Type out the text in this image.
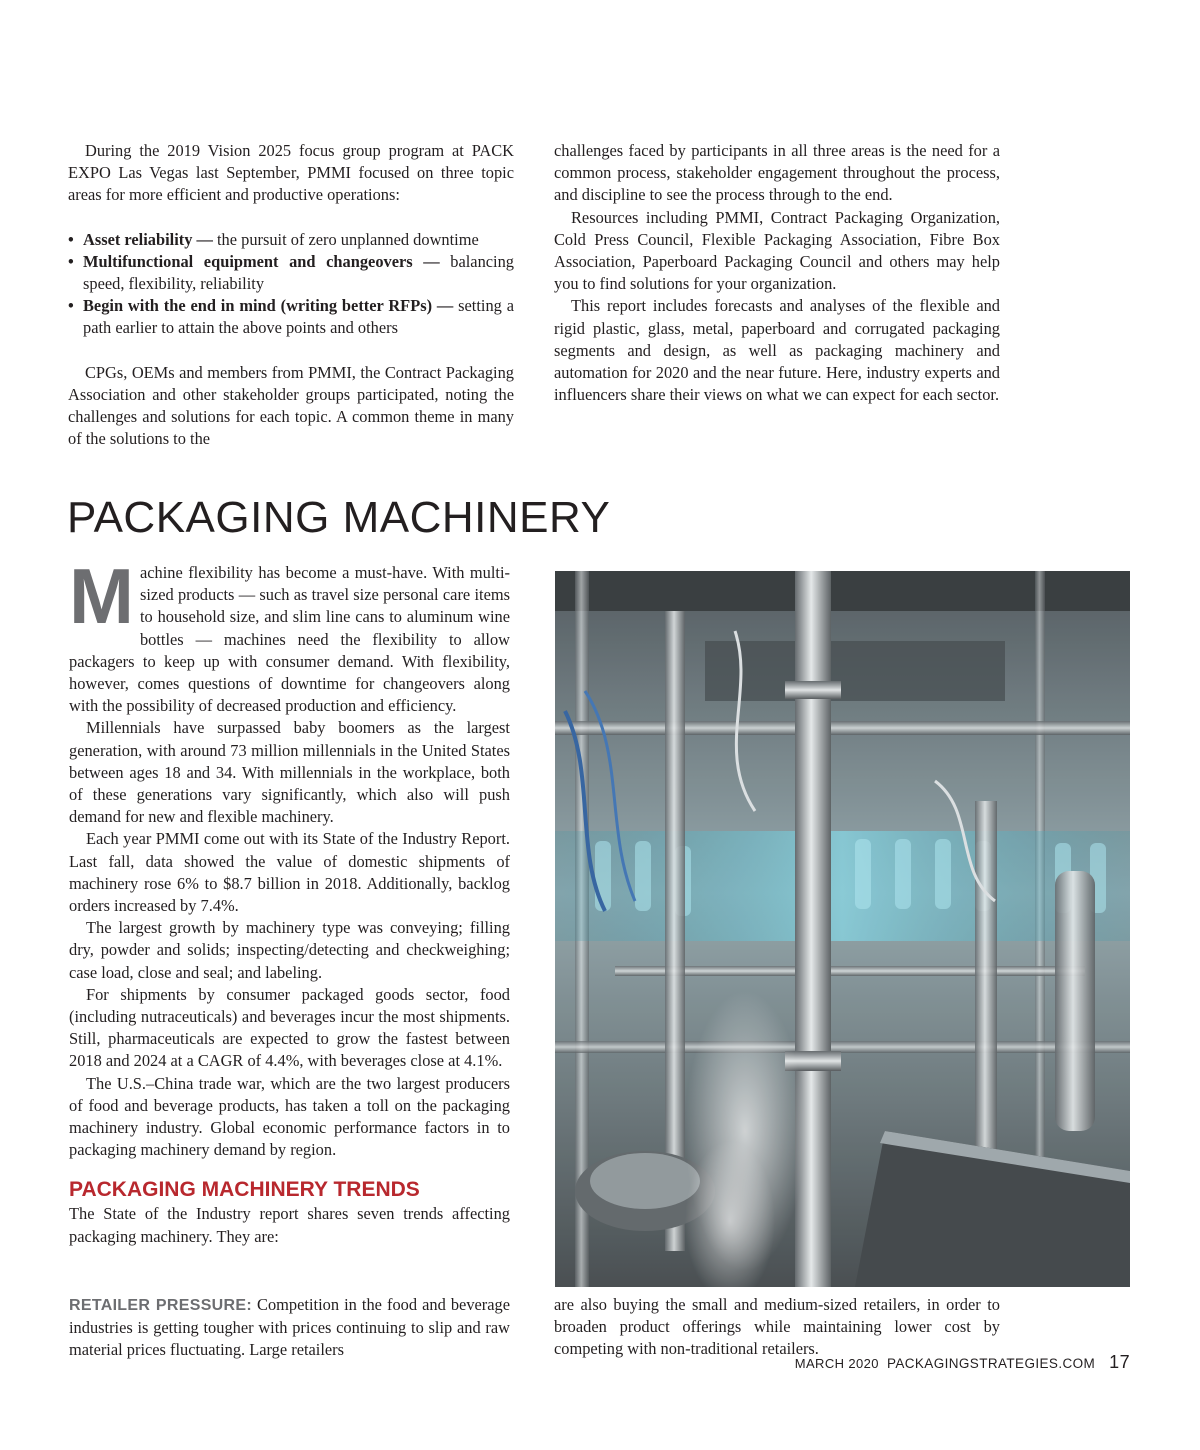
During the 2019 Vision 2025 focus group program at PACK EXPO Las Vegas last September, PMMI focused on three topic areas for more efficient and productive operations:

• Asset reliability — the pursuit of zero unplanned downtime
• Multifunctional equipment and changeovers — balancing speed, flexibility, reliability
• Begin with the end in mind (writing better RFPs) — setting a path earlier to attain the above points and others

CPGs, OEMs and members from PMMI, the Contract Packaging Association and other stakeholder groups participated, noting the challenges and solutions for each topic. A common theme in many of the solutions to the

challenges faced by participants in all three areas is the need for a common process, stakeholder engagement throughout the process, and discipline to see the process through to the end.

Resources including PMMI, Contract Packaging Organization, Cold Press Council, Flexible Packaging Association, Fibre Box Association, Paperboard Packaging Council and others may help you to find solutions for your organization.

This report includes forecasts and analyses of the flexible and rigid plastic, glass, metal, paperboard and corrugated packaging segments and design, as well as packaging machinery and automation for 2020 and the near future. Here, industry experts and influencers share their views on what we can expect for each sector.

PACKAGING MACHINERY

Machine flexibility has become a must-have. With multi-sized products — such as travel size personal care items to household size, and slim line cans to aluminum wine bottles — machines need the flexibility to allow packagers to keep up with consumer demand. With flexibility, however, comes questions of downtime for changeovers along with the possibility of decreased production and efficiency.

Millennials have surpassed baby boomers as the largest generation, with around 73 million millennials in the United States between ages 18 and 34. With millennials in the workplace, both of these generations vary significantly, which also will push demand for new and flexible machinery.

Each year PMMI come out with its State of the Industry Report. Last fall, data showed the value of domestic shipments of machinery rose 6% to $8.7 billion in 2018. Additionally, backlog orders increased by 7.4%.

The largest growth by machinery type was conveying; filling dry, powder and solids; inspecting/detecting and checkweighing; case load, close and seal; and labeling.

For shipments by consumer packaged goods sector, food (including nutraceuticals) and beverages incur the most shipments. Still, pharmaceuticals are expected to grow the fastest between 2018 and 2024 at a CAGR of 4.4%, with beverages close at 4.1%.

The U.S.–China trade war, which are the two largest producers of food and beverage products, has taken a toll on the packaging machinery industry. Global economic performance factors in to packaging machinery demand by region.

PACKAGING MACHINERY TRENDS

The State of the Industry report shares seven trends affecting packaging machinery. They are:

RETAILER PRESSURE: Competition in the food and beverage industries is getting tougher with prices continuing to slip and raw material prices fluctuating. Large retailers

are also buying the small and medium-sized retailers, in order to broaden product offerings while maintaining lower cost by competing with non-traditional retailers.

MARCH 2020 PACKAGINGSTRATEGIES.COM 17
